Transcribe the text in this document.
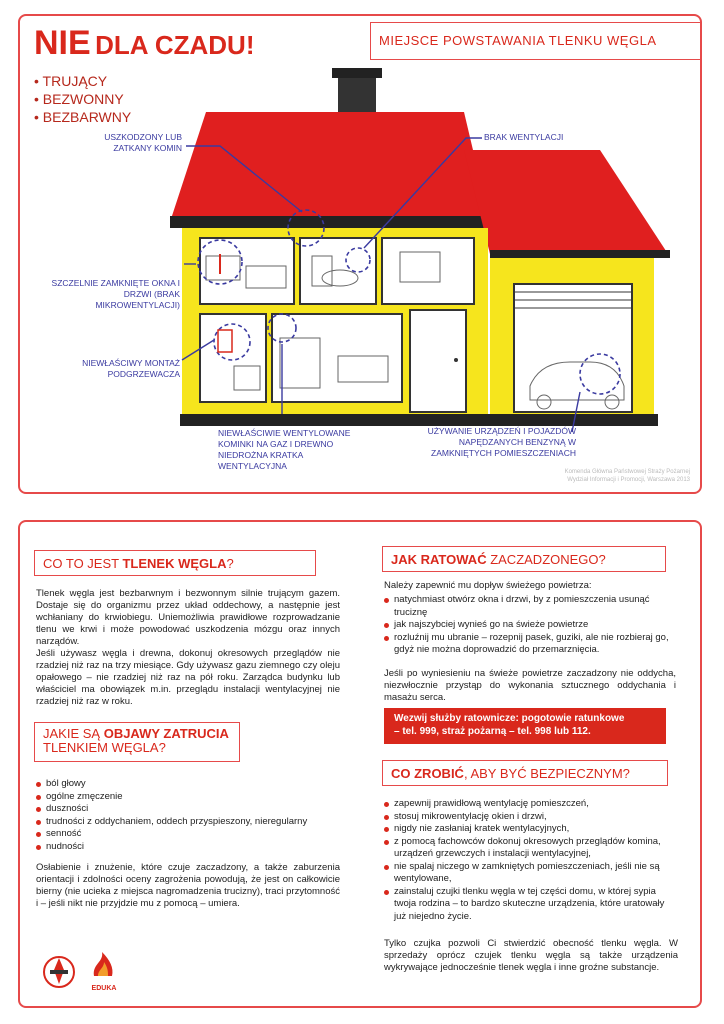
NIE DLA CZADU!	MIEJSCE POWSTAWANIA TLENKU WĘGLA
• TRUJĄCY
• BEZWONNY
• BEZBARWNY
USZKODZONY LUB ZATKANY KOMIN
BRAK WENTYLACJI
SZCZELNIE ZAMKNIĘTE OKNA I DRZWI (BRAK MIKROWENTYLACJI)
NIEWŁAŚCIWY MONTAŻ PODGRZEWACZA
NIEWŁAŚCIWIE WENTYLOWANE KOMINKI NA GAZ I DREWNO NIEDROŻNA KRATKA WENTYLACYJNA
UŻYWANIE URZĄDZEŃ I POJAZDÓW NAPĘDZANYCH BENZYNĄ W ZAMKNIĘTYCH POMIESZCZENIACH
Komenda Główna Państwowej Straży Pożarnej Wydział Informacji i Promocji, Warszawa 2013
CO TO JEST TLENEK WĘGLA?

Tlenek węgla jest bezbarwnym i bezwonnym silnie trującym gazem. Dostaje się do organizmu przez układ oddechowy, a następnie jest wchłaniany do krwiobiegu. Uniemożliwia prawidłowe rozprowadzanie tlenu we krwi i może powodować uszkodzenia mózgu oraz innych narządów.

Jeśli używasz węgla i drewna, dokonuj okresowych przeglądów nie rzadziej niż raz na trzy miesiące. Gdy używasz gazu ziemnego czy oleju opałowego – nie rzadziej niż raz na pół roku. Zarządca budynku lub właściciel ma obowiązek m.in. przeglądu instalacji wentylacyjnej nie rzadziej niż raz w roku.

JAKIE SĄ OBJAWY ZATRUCIA
TLENKIEM WĘGLA?
ból głowy
ogólne zmęczenie
duszności
trudności z oddychaniem, oddech przyspieszony, nieregularny
senność
nudności
Osłabienie i znużenie, które czuje zaczadzony, a także zaburzenia orientacji i zdolności oceny zagrożenia powodują, że jest on całkowicie bierny (nie ucieka z miejsca nagromadzenia trucizny), traci przytomność i – jeśli nikt nie przyjdzie mu z pomocą – umiera.
EDUKA
JAK RATOWAĆ ZACZADZONEGO?
Należy zapewnić mu dopływ świeżego powietrza:
natychmiast otwórz okna i drzwi, by z pomieszczenia usunąć truciznę
jak najszybciej wynieś go na świeże powietrze
rozluźnij mu ubranie – rozepnij pasek, guziki, ale nie rozbieraj go, gdyż nie można doprowadzić do przemarznięcia.
Jeśli po wyniesieniu na świeże powietrze zaczadzony nie oddycha, niezwłocznie przystąp do wykonania sztucznego oddychania i masażu serca.
Wezwij służby ratownicze: pogotowie ratunkowe
– tel. 999, straż pożarną – tel. 998 lub 112.
CO ZROBIĆ, ABY BYĆ BEZPIECZNYM?
zapewnij prawidłową wentylację pomieszczeń,
stosuj mikrowentylację okien i drzwi,
nigdy nie zasłaniaj kratek wentylacyjnych,
z pomocą fachowców dokonuj okresowych przeglądów komina, urządzeń grzewczych i instalacji wentylacyjnej,
nie spalaj niczego w zamkniętych pomieszczeniach, jeśli nie są wentylowane,
zainstaluj czujki tlenku węgla w tej części domu, w której sypia twoja rodzina – to bardzo skuteczne urządzenia, które uratowały już niejedno życie.
Tylko czujka pozwoli Ci stwierdzić obecność tlenku węgla. W sprzedaży oprócz czujek tlenku węgla są także urządzenia wykrywające jednocześnie tlenek węgla i inne groźne substancje.
